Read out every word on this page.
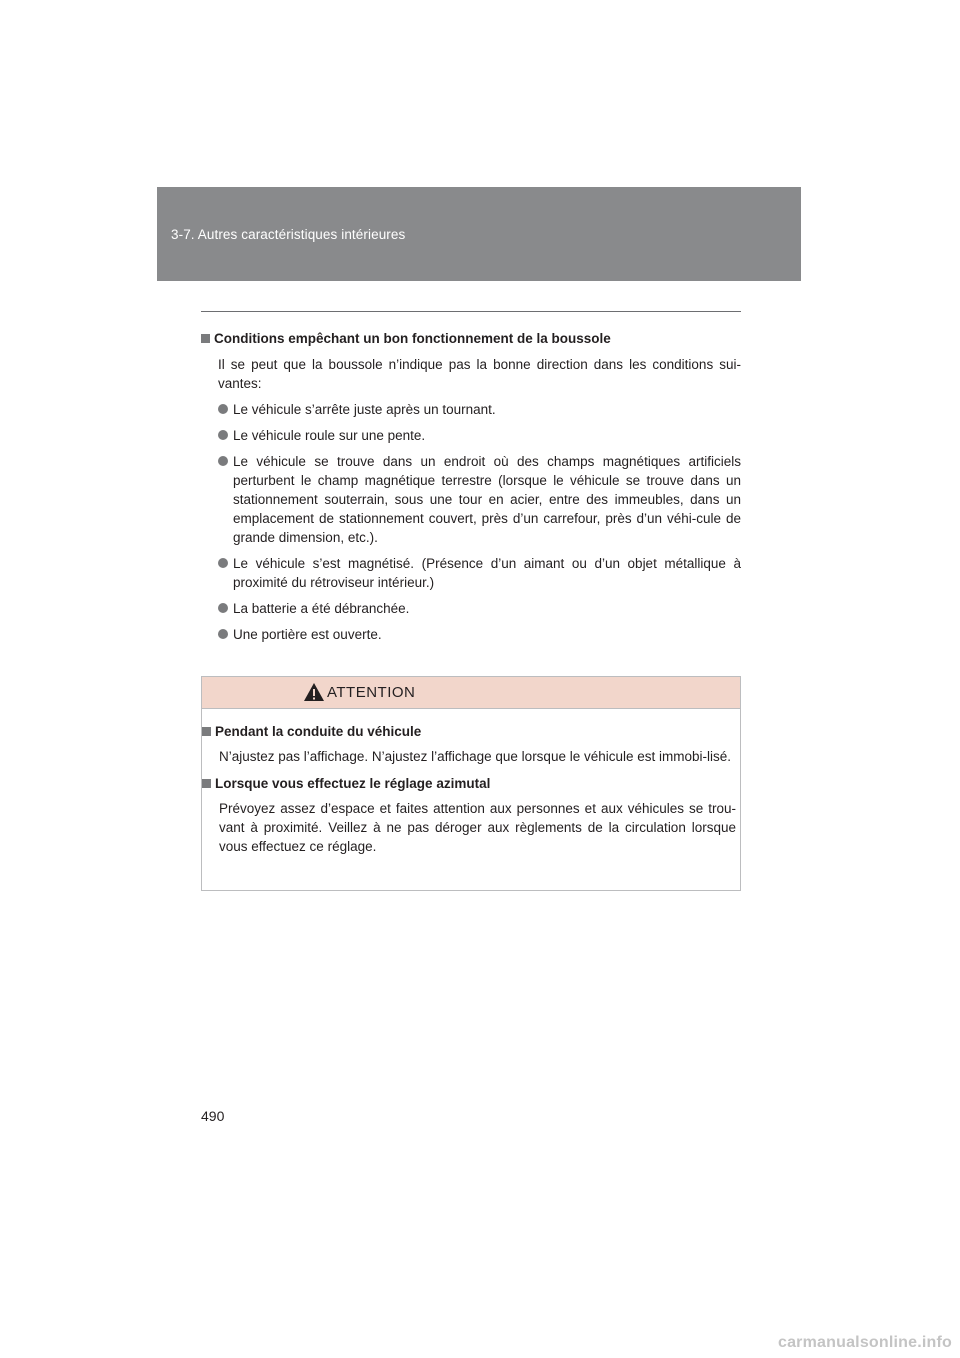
3-7. Autres caractéristiques intérieures
Conditions empêchant un bon fonctionnement de la boussole
Il se peut que la boussole n’indique pas la bonne direction dans les conditions sui-vantes:
Le véhicule s’arrête juste après un tournant.
Le véhicule roule sur une pente.
Le véhicule se trouve dans un endroit où des champs magnétiques artificiels perturbent le champ magnétique terrestre (lorsque le véhicule se trouve dans un stationnement souterrain, sous une tour en acier, entre des immeubles, dans un emplacement de stationnement couvert, près d’un carrefour, près d’un véhi-cule de grande dimension, etc.).
Le véhicule s’est magnétisé. (Présence d’un aimant ou d’un objet métallique à proximité du rétroviseur intérieur.)
La batterie a été débranchée.
Une portière est ouverte.
ATTENTION
Pendant la conduite du véhicule
N’ajustez pas l’affichage. N’ajustez l’affichage que lorsque le véhicule est immobi-lisé.
Lorsque vous effectuez le réglage azimutal
Prévoyez assez d’espace et faites attention aux personnes et aux véhicules se trou-vant à proximité. Veillez à ne pas déroger aux règlements de la circulation lorsque vous effectuez ce réglage.
490
carmanualsonline.info
